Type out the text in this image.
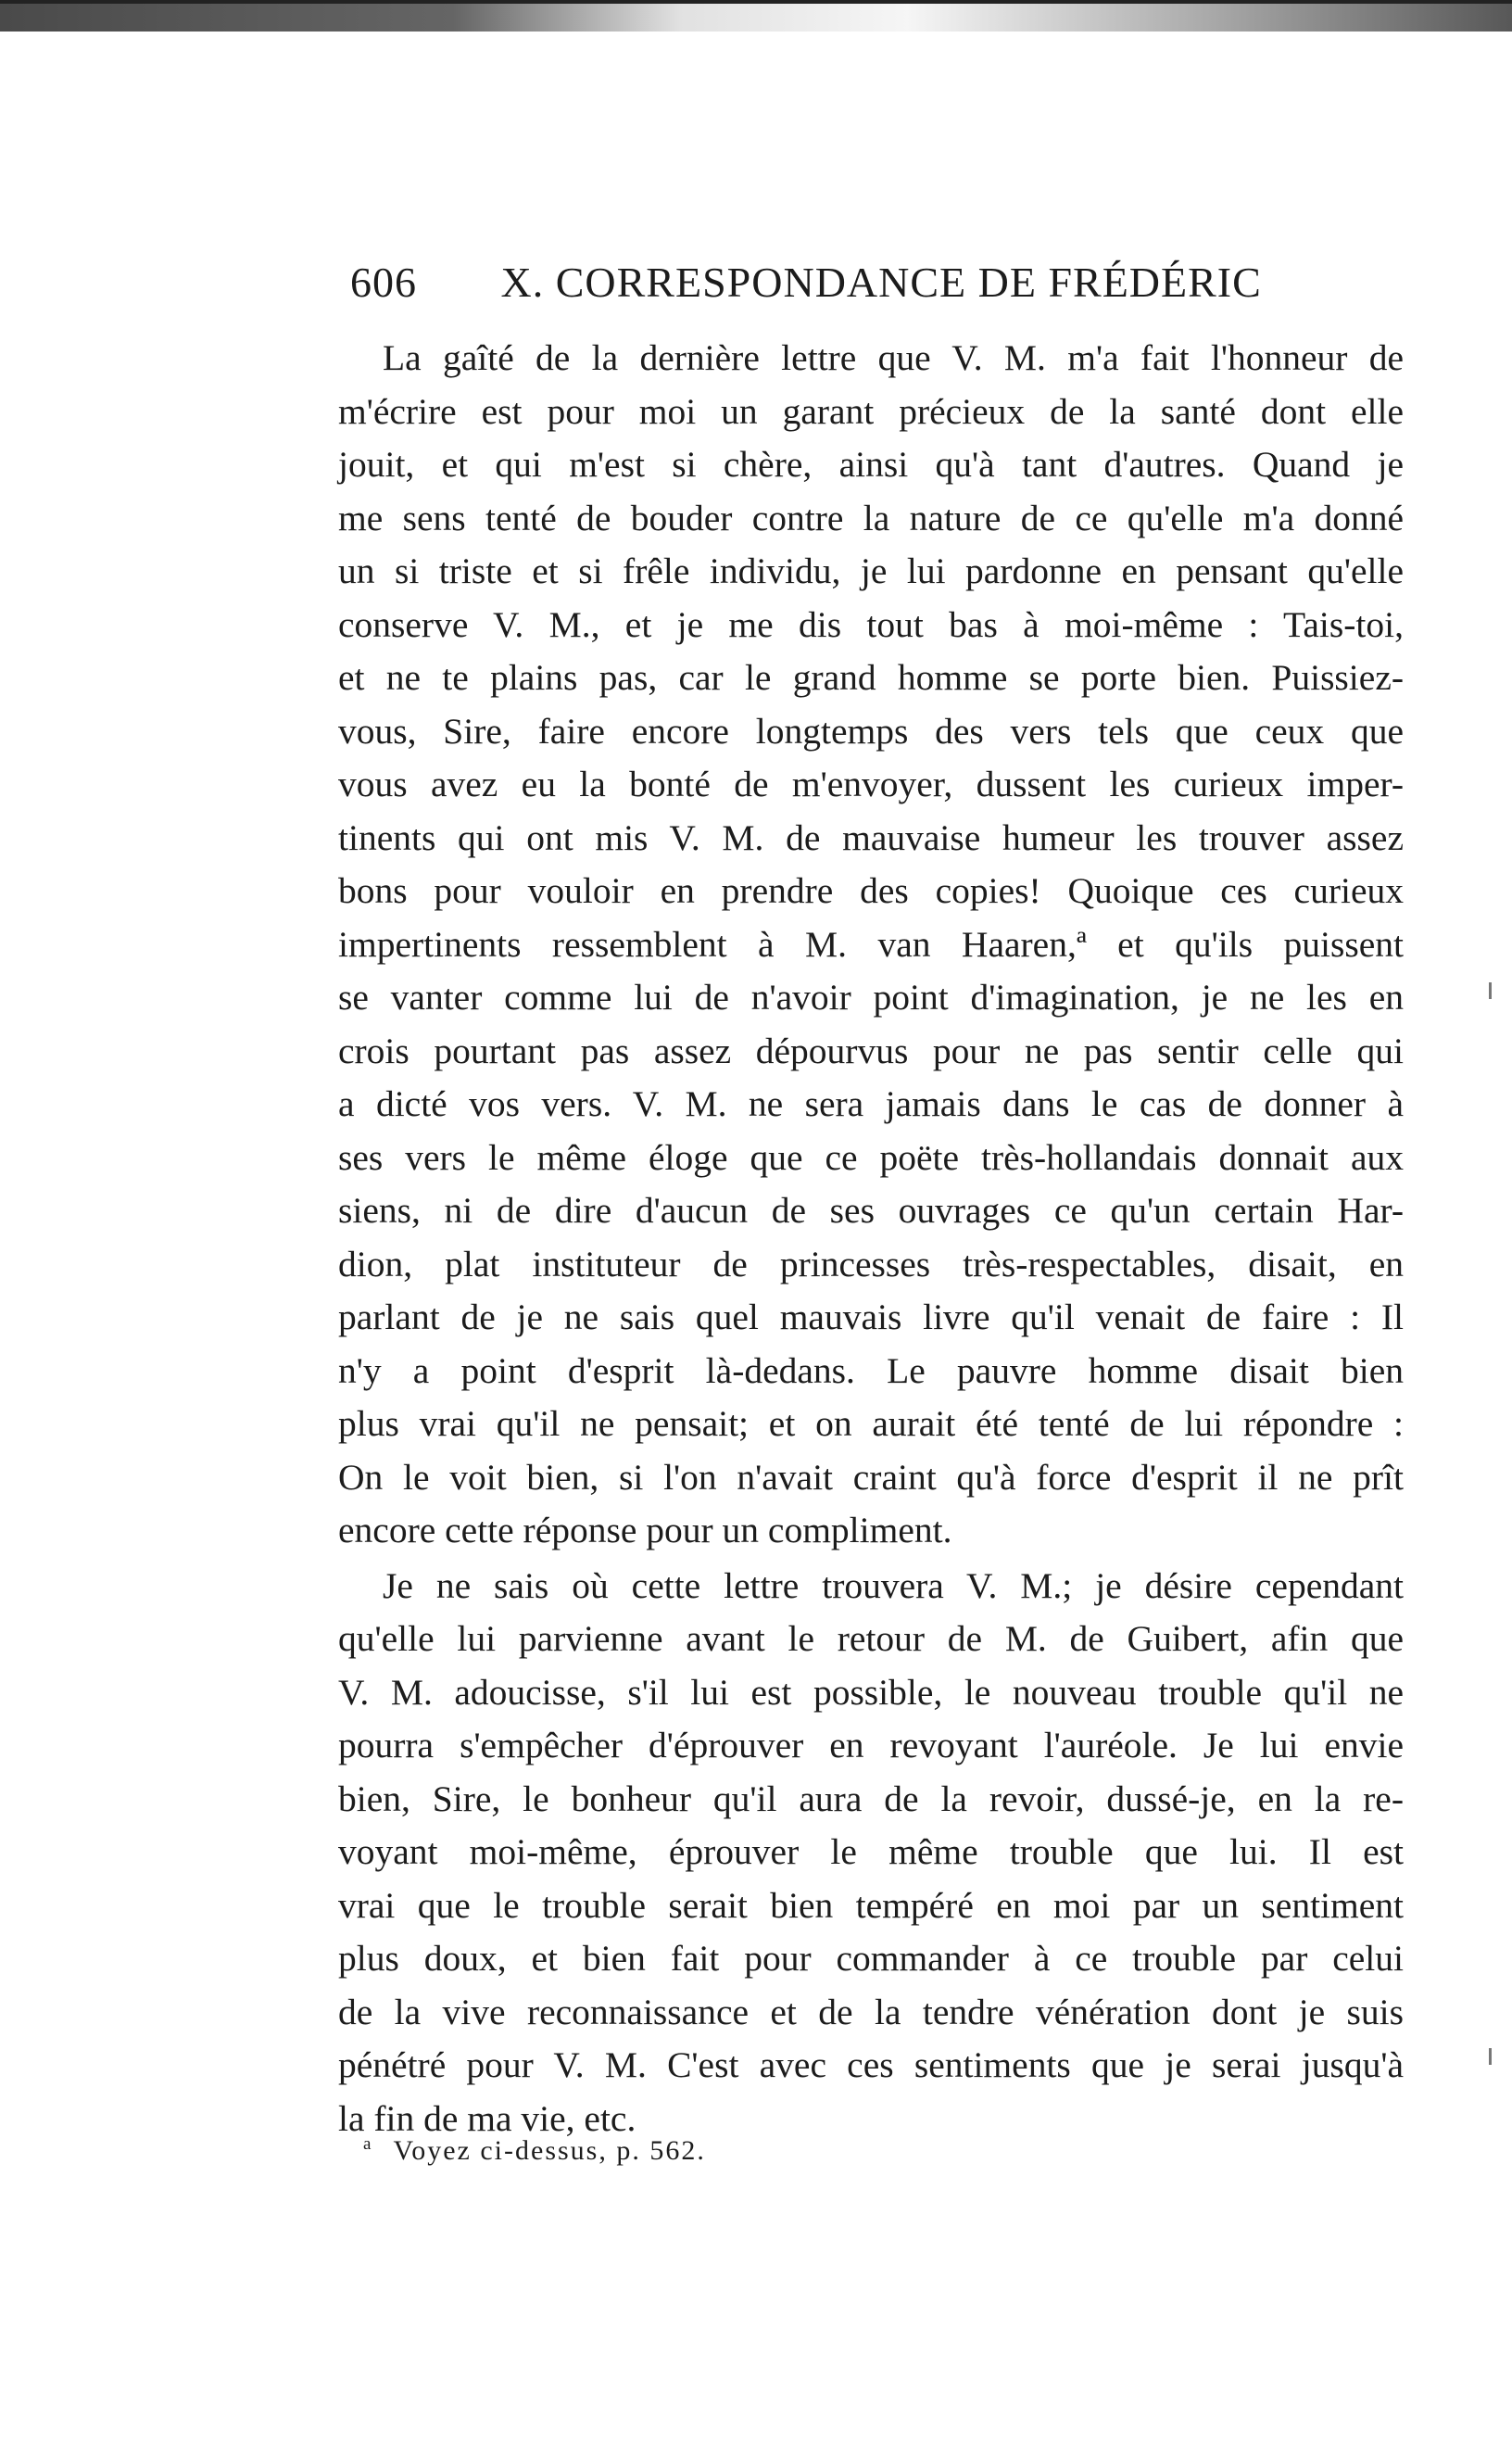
606 X. CORRESPONDANCE DE FRÉDÉRIC
La gaîté de la dernière lettre que V. M. m'a fait l'honneur de
m'écrire est pour moi un garant précieux de la santé dont elle
jouit, et qui m'est si chère, ainsi qu'à tant d'autres. Quand je
me sens tenté de bouder contre la nature de ce qu'elle m'a donné
un si triste et si frêle individu, je lui pardonne en pensant qu'elle
conserve V. M., et je me dis tout bas à moi-même : Tais-toi,
et ne te plains pas, car le grand homme se porte bien. Puissiez-
vous, Sire, faire encore longtemps des vers tels que ceux que
vous avez eu la bonté de m'envoyer, dussent les curieux imper-
tinents qui ont mis V. M. de mauvaise humeur les trouver assez
bons pour vouloir en prendre des copies! Quoique ces curieux
impertinents ressemblent à M. van Haaren,ª et qu'ils puissent
se vanter comme lui de n'avoir point d'imagination, je ne les en
crois pourtant pas assez dépourvus pour ne pas sentir celle qui
a dicté vos vers. V. M. ne sera jamais dans le cas de donner à
ses vers le même éloge que ce poëte très-hollandais donnait aux
siens, ni de dire d'aucun de ses ouvrages ce qu'un certain Har-
dion, plat instituteur de princesses très-respectables, disait, en
parlant de je ne sais quel mauvais livre qu'il venait de faire : Il
n'y a point d'esprit là-dedans. Le pauvre homme disait bien
plus vrai qu'il ne pensait; et on aurait été tenté de lui répondre :
On le voit bien, si l'on n'avait craint qu'à force d'esprit il ne prît
encore cette réponse pour un compliment.
Je ne sais où cette lettre trouvera V. M.; je désire cependant
qu'elle lui parvienne avant le retour de M. de Guibert, afin que
V. M. adoucisse, s'il lui est possible, le nouveau trouble qu'il ne
pourra s'empêcher d'éprouver en revoyant l'auréole. Je lui envie
bien, Sire, le bonheur qu'il aura de la revoir, dussé-je, en la re-
voyant moi-même, éprouver le même trouble que lui. Il est
vrai que le trouble serait bien tempéré en moi par un sentiment
plus doux, et bien fait pour commander à ce trouble par celui
de la vive reconnaissance et de la tendre vénération dont je suis
pénétré pour V. M. C'est avec ces sentiments que je serai jusqu'à
la fin de ma vie, etc.
$^a$ Voyez ci-dessus, p. 562.
